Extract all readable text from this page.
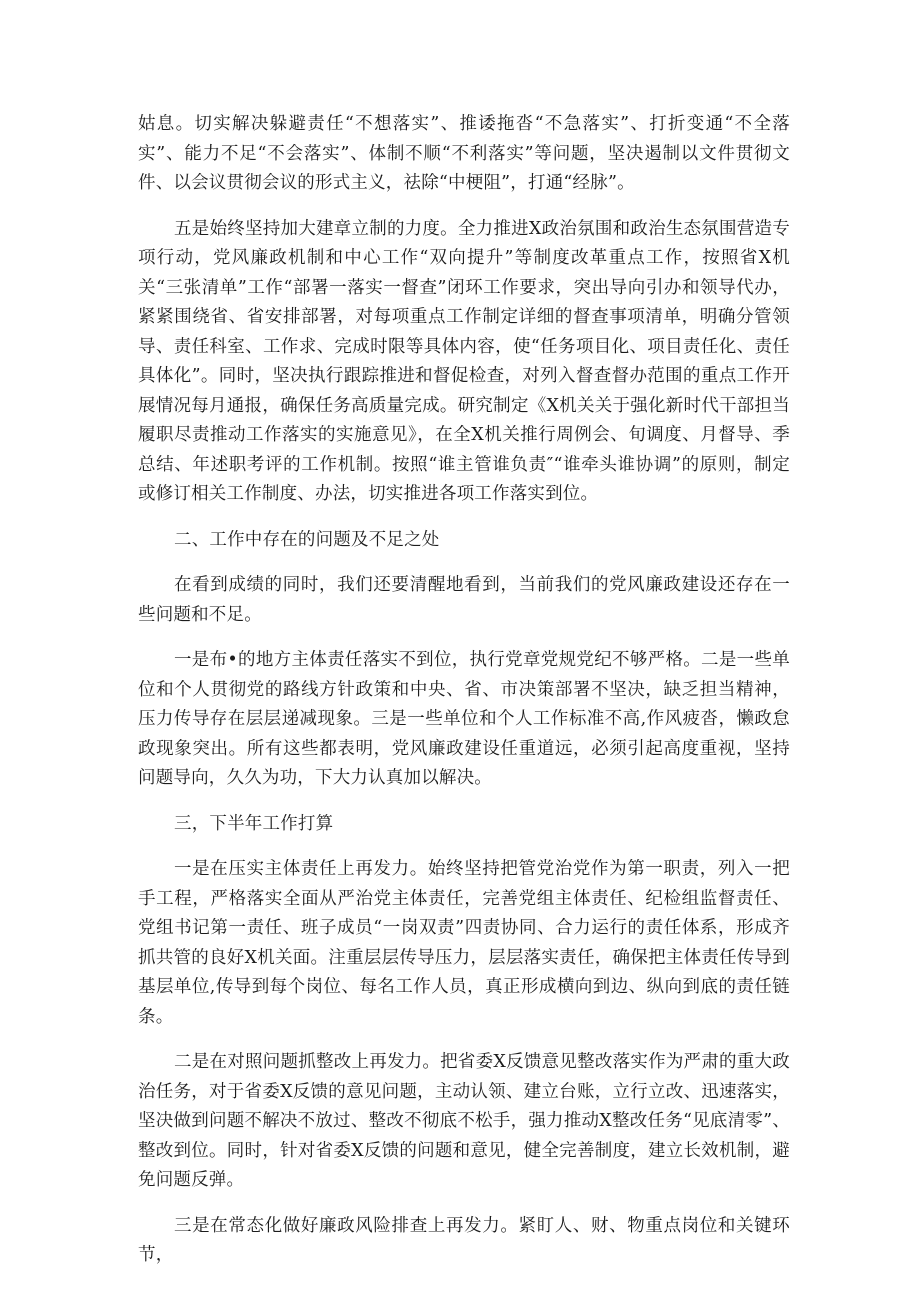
姑息。切实解决躲避责任“不想落实”、推诿拖沓“不急落实”、打折变通“不全落实”、能力不足“不会落实”、体制不顺“不利落实”等问题，坚决遏制以文件贯彻文件、以会议贯彻会议的形式主义，祛除“中梗阻”，打通“经脉”。

五是始终坚持加大建章立制的力度。全力推进X政治氛围和政治生态氛围营造专项行动，党风廉政机制和中心工作“双向提升”等制度改革重点工作，按照省X机关“三张清单”工作“部署一落实一督查”闭环工作要求，突出导向引办和领导代办，紧紧围绕省、省安排部署，对每项重点工作制定详细的督查事项清单，明确分管领导、责任科室、工作求、完成时限等具体内容，使“任务项目化、项目责任化、责任具体化”。同时，坚决执行跟踪推进和督促检查，对列入督查督办范围的重点工作开展情况每月通报，确保任务高质量完成。研究制定《X机关关于强化新时代干部担当履职尽责推动工作落实的实施意见》，在全X机关推行周例会、旬调度、月督导、季总结、年述职考评的工作机制。按照“谁主管谁负责″“谁牵头谁协调”的原则，制定或修订相关工作制度、办法，切实推进各项工作落实到位。

二、工作中存在的问题及不足之处

在看到成绩的同时，我们还要清醒地看到，当前我们的党风廉政建设还存在一些问题和不足。

一是布•的地方主体责任落实不到位，执行党章党规党纪不够严格。二是一些单位和个人贯彻党的路线方针政策和中央、省、市决策部署不坚决，缺乏担当精神，压力传导存在层层递减现象。三是一些单位和个人工作标准不高,作风疲沓，懒政怠政现象突出。所有这些都表明，党风廉政建设任重道远，必须引起高度重视，坚持问题导向，久久为功，下大力认真加以解决。

三，下半年工作打算

一是在压实主体责任上再发力。始终坚持把管党治党作为第一职责，列入一把手工程，严格落实全面从严治党主体责任，完善党组主体责任、纪检组监督责任、党组书记第一责任、班子成员“一岗双责”四责协同、合力运行的责任体系，形成齐抓共管的良好X机关面。注重层层传导压力，层层落实责任，确保把主体责任传导到基层单位,传导到每个岗位、每名工作人员，真正形成横向到边、纵向到底的责任链条。

二是在对照问题抓整改上再发力。把省委X反馈意见整改落实作为严肃的重大政治任务，对于省委X反馈的意见问题，主动认领、建立台账，立行立改、迅速落实，坚决做到问题不解决不放过、整改不彻底不松手，强力推动X整改任务“见底清零”、整改到位。同时，针对省委X反馈的问题和意见，健全完善制度，建立长效机制，避免问题反弹。

三是在常态化做好廉政风险排查上再发力。紧盯人、财、物重点岗位和关键环节，
